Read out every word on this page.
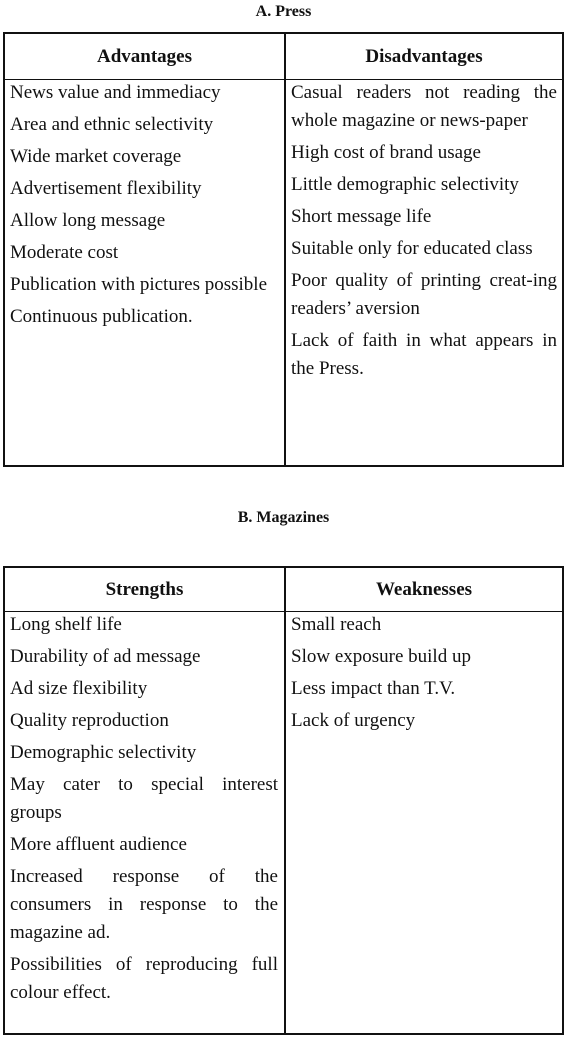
A. Press
Advantages	Disadvantages
News value and immediacy
Area and ethnic selectivity
Wide market coverage
Advertisement flexibility
Allow long message
Moderate cost
Publication with pictures possible
Continuous publication.
Casual readers not reading the whole magazine or news-paper
High cost of brand usage
Little demographic selectivity
Short message life
Suitable only for educated class
Poor quality of printing creat-ing readers’ aversion
Lack of faith in what appears in the Press.
B. Magazines
Strengths	Weaknesses
Long shelf life
Durability of ad message
Ad size flexibility
Quality reproduction
Demographic selectivity
May cater to special interest groups
More affluent audience
Increased response of the consumers in response to the magazine ad.
Possibilities of reproducing full colour effect.
Small reach
Slow exposure build up
Less impact than T.V.
Lack of urgency
